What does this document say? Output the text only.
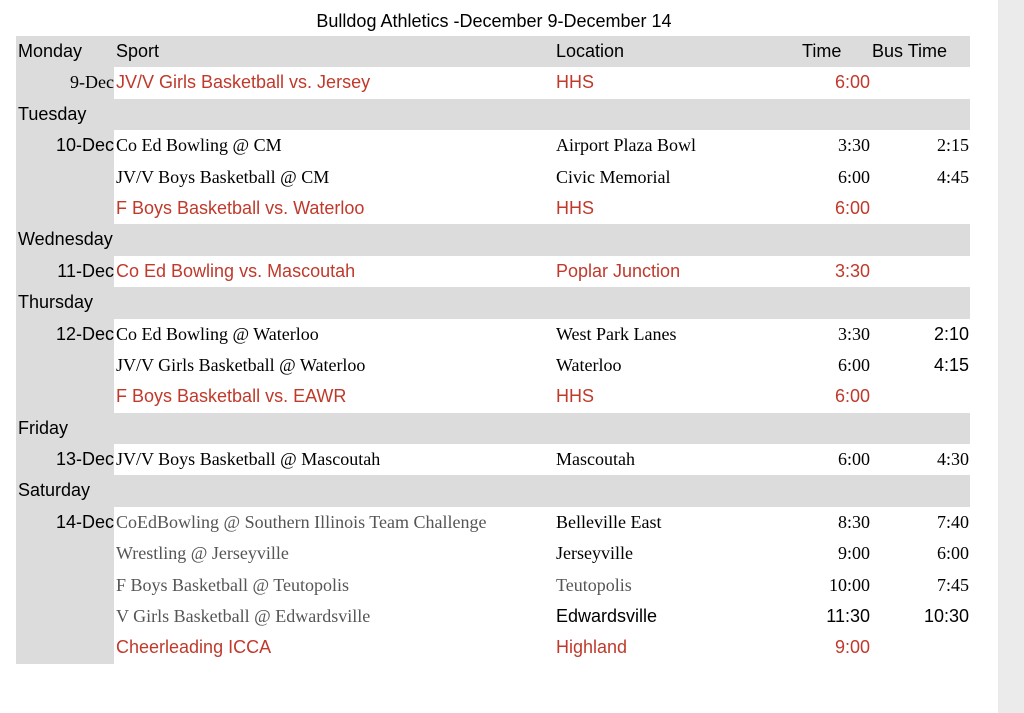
Bulldog Athletics -December 9-December 14
Monday	Sport	Location	Time Bus Time
9-Dec JV/V Girls Basketball vs. Jersey	HHS	6:00
Tuesday
10-Dec Co Ed Bowling @ CM	Airport Plaza Bowl	3:30	2:15
JV/V Boys Basketball @ CM	Civic Memorial	6:00	4:45
F Boys Basketball vs. Waterloo	HHS	6:00
Wednesday
11-Dec Co Ed Bowling vs. Mascoutah	Poplar Junction	3:30
Thursday
12-Dec Co Ed Bowling @ Waterloo	West Park Lanes	3:30	2:10
JV/V Girls Basketball @ Waterloo	Waterloo	6:00	4:15
F Boys Basketball vs. EAWR	HHS	6:00
Friday
13-Dec JV/V Boys Basketball @ Mascoutah	Mascoutah	6:00	4:30
Saturday
14-Dec CoEdBowling @ Southern Illinois Team Challenge	Belleville East	8:30	7:40
Wrestling @ Jerseyville	Jerseyville	9:00	6:00
F Boys Basketball @ Teutopolis	Teutopolis	10:00	7:45
V Girls Basketball @ Edwardsville	Edwardsville	11:30	10:30
Cheerleading ICCA	Highland	9:00
